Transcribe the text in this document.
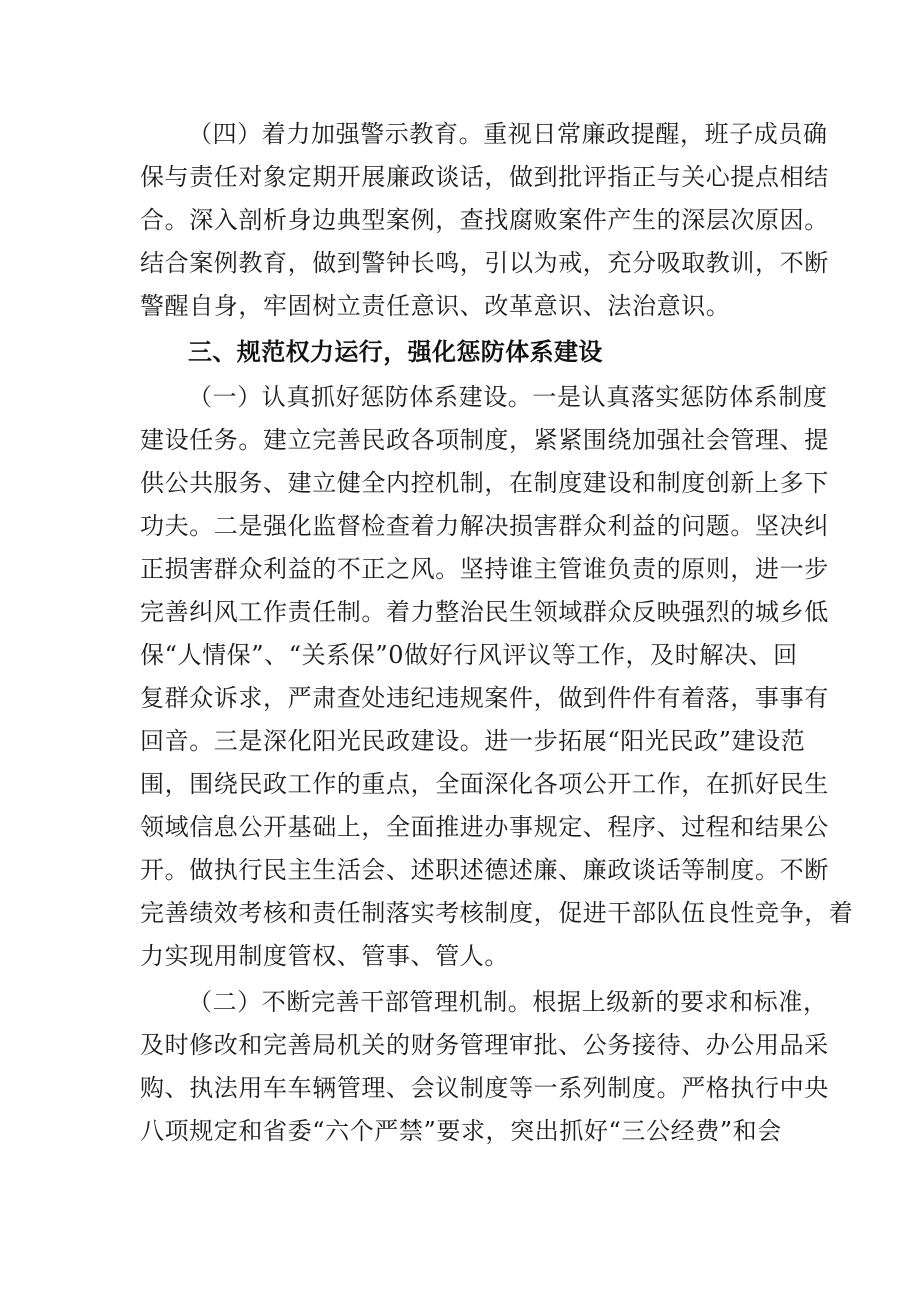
（四）着力加强警示教育。重视日常廉政提醒，班子成员确

保与责任对象定期开展廉政谈话，做到批评指正与关心提点相结

合。深入剖析身边典型案例，查找腐败案件产生的深层次原因。

结合案例教育，做到警钟长鸣，引以为戒，充分吸取教训，不断

警醒自身，牢固树立责任意识、改革意识、法治意识。

三、规范权力运行，强化惩防体系建设

（一）认真抓好惩防体系建设。一是认真落实惩防体系制度

建设任务。建立完善民政各项制度，紧紧围绕加强社会管理、提

供公共服务、建立健全内控机制，在制度建设和制度创新上多下

功夫。二是强化监督检查着力解决损害群众利益的问题。坚决纠

正损害群众利益的不正之风。坚持谁主管谁负责的原则，进一步

完善纠风工作责任制。着力整治民生领域群众反映强烈的城乡低

保“人情保”、“关系保”0做好行风评议等工作，及时解决、回

复群众诉求，严肃查处违纪违规案件，做到件件有着落，事事有

回音。三是深化阳光民政建设。进一步拓展“阳光民政”建设范

围，围绕民政工作的重点，全面深化各项公开工作，在抓好民生

领域信息公开基础上，全面推进办事规定、程序、过程和结果公

开。做执行民主生活会、述职述德述廉、廉政谈话等制度。不断

完善绩效考核和责任制落实考核制度，促进干部队伍良性竞争，着

力实现用制度管权、管事、管人。

（二）不断完善干部管理机制。根据上级新的要求和标准，

及时修改和完善局机关的财务管理审批、公务接待、办公用品采

购、执法用车车辆管理、会议制度等一系列制度。严格执行中央

八项规定和省委“六个严禁”要求，突出抓好“三公经费”和会
